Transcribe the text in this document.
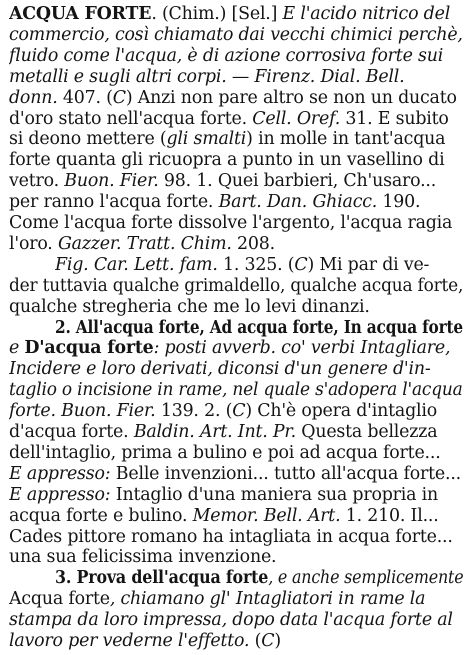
ACQUA FORTE. (Chim.) [Sel.] E l'acido nitrico del
commercio, così chiamato dai vecchi chimici perchè,
fluido come l'acqua, è di azione corrosiva forte sui
metalli e sugli altri corpi. — Firenz. Dial. Bell.
donn. 407. (C) Anzi non pare altro se non un ducato
d'oro stato nell'acqua forte. Cell. Oref. 31. E subito
si deono mettere (gli smalti) in molle in tant'acqua
forte quanta gli ricuopra a punto in un vasellino di
vetro. Buon. Fier. 98. 1. Quei barbieri, Ch'usaro...
per ranno l'acqua forte. Bart. Dan. Ghiacc. 190.
Come l'acqua forte dissolve l'argento, l'acqua ragia
l'oro. Gazzer. Tratt. Chim. 208.
Fig. Car. Lett. fam. 1. 325. (C) Mi par di ve-
der tuttavia qualche grimaldello, qualche acqua forte,
qualche stregheria che me lo levi dinanzi.
2. All'acqua forte, Ad acqua forte, In acqua forte
e D'acqua forte: posti avverb. co' verbi Intagliare,
Incidere e loro derivati, diconsi d'un genere d'in-
taglio o incisione in rame, nel quale s'adopera l'acqua
forte. Buon. Fier. 139. 2. (C) Ch'è opera d'intaglio
d'acqua forte. Baldin. Art. Int. Pr. Questa bellezza
dell'intaglio, prima a bulino e poi ad acqua forte...
E appresso: Belle invenzioni... tutto all'acqua forte...
E appresso: Intaglio d'una maniera sua propria in
acqua forte e bulino. Memor. Bell. Art. 1. 210. Il...
Cades pittore romano ha intagliata in acqua forte...
una sua felicissima invenzione.
3. Prova dell'acqua forte, e anche semplicemente
Acqua forte, chiamano gl' Intagliatori in rame la
stampa da loro impressa, dopo data l'acqua forte al
lavoro per vederne l'effetto. (C)
